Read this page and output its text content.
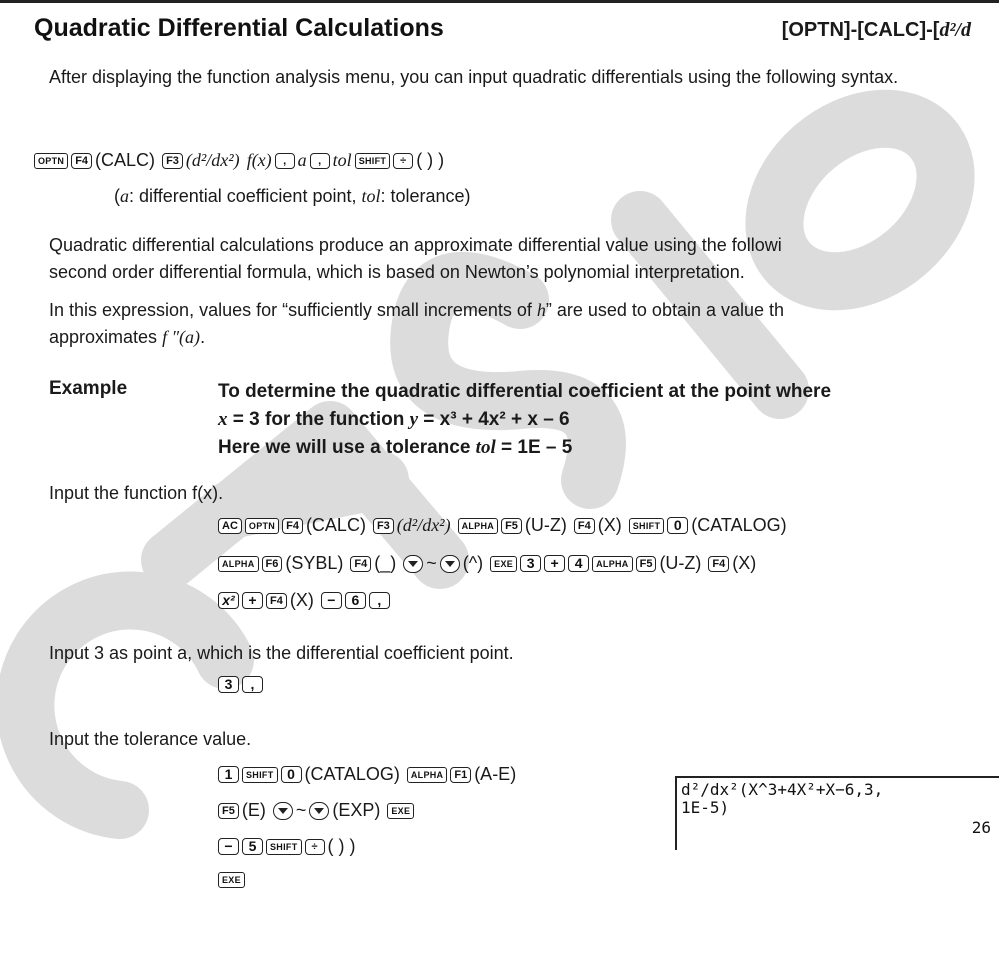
Quadratic Differential Calculations	[OPTN]-[CALC]-[d²/d
After displaying the function analysis menu, you can input quadratic differentials using the following syntax.
OPTN	F4 (CALC)	F3 (d²/dx²) f(x)	, a	, tol SHIFT	÷ ( ) )
(a: differential coefficient point, tol: tolerance)
Quadratic differential calculations produce an approximate differential value using the followi
second order differential formula, which is based on Newton’s polynomial interpretation.
In this expression, values for “sufficiently small increments of h” are used to obtain a value th
approximates f ″(a).
Example	To determine the quadratic differential coefficient at the point where
x = 3 for the function y = x³ + 4x² + x – 6
Here we will use a tolerance tol = 1E – 5
Input the function f(x).
AC	OPTN	F4 (CALC)	F3 (d²/dx²)	ALPHA	F5 (U-Z)	F4 (X)	SHIFT 0 (CATALOG)
ALPHA	F6 (SYBL)	F4 (_) ~ (^)	EXE 3	+	4	ALPHA	F5 (U-Z)	F4 (X)
x² +	F4 (X) −	6	,
Input 3 as point a, which is the differential coefficient point.
3	,
Input the tolerance value.
1	SHIFT 0 (CATALOG)	ALPHA	F1 (A-E)
F5 (E) ~ (EXP)	EXE
−	5	SHIFT	÷ ( ) )
EXE
d²/dx²(X^3+4X²+X−6,3,
1E-5)
26
